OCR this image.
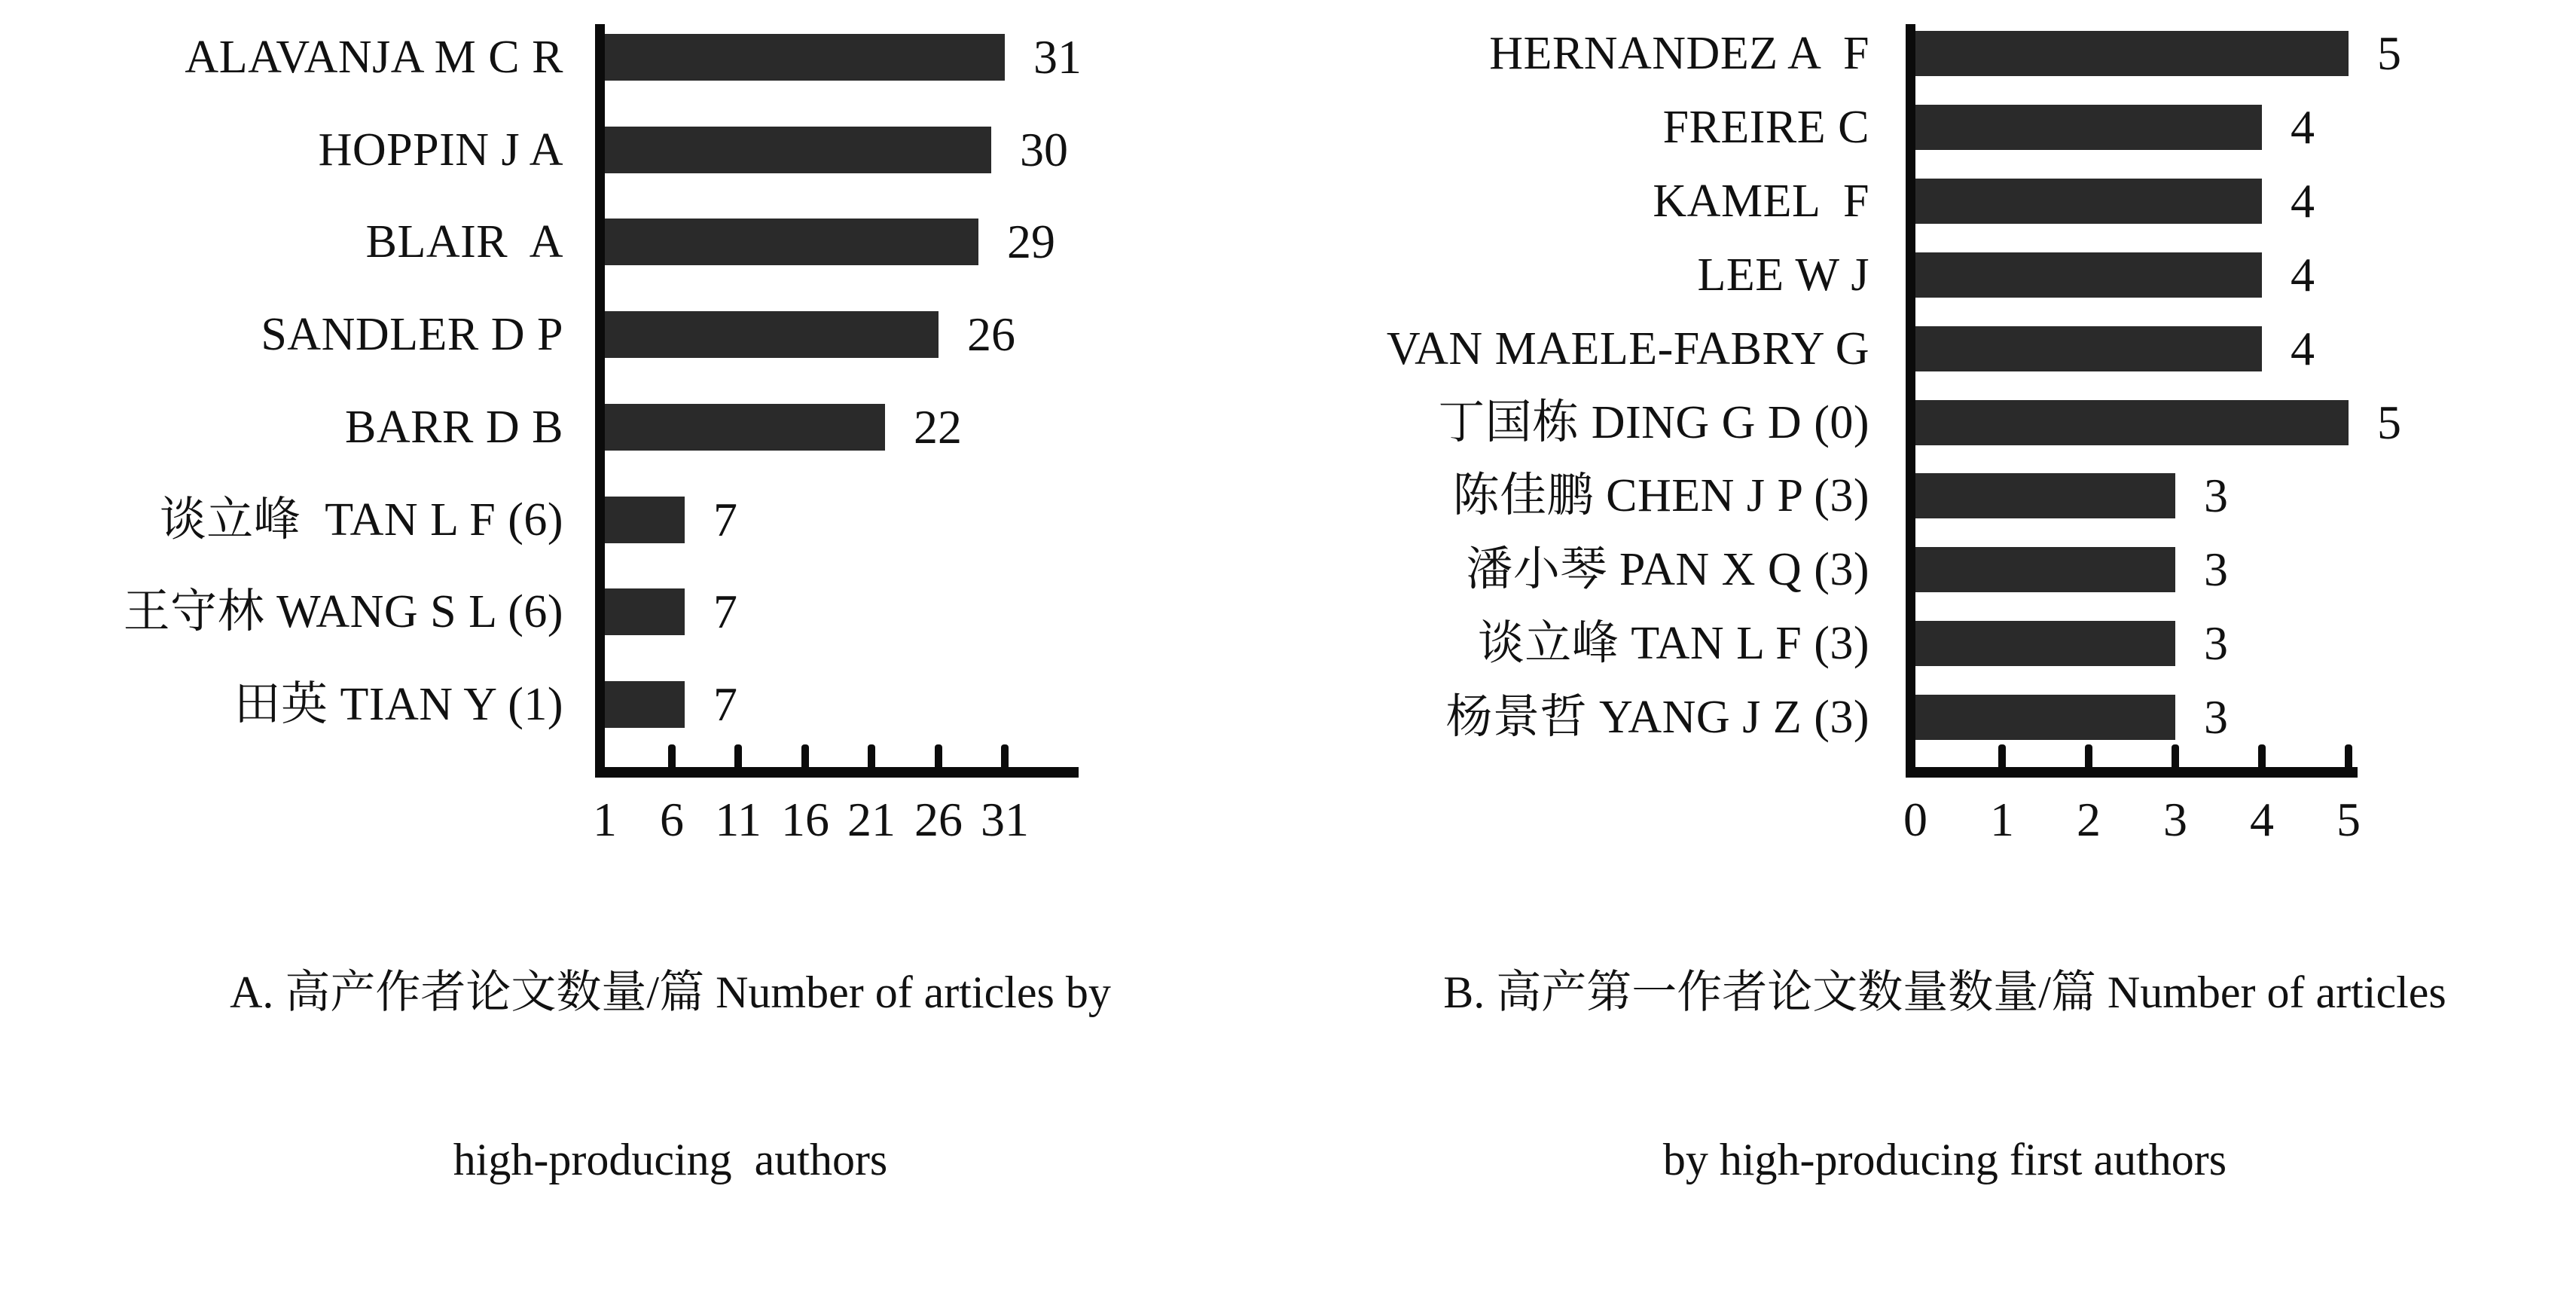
A. 高产作者论文数量/篇 Number of articles by

high-producing  authors

ALAVANJA M C R	31
HOPPIN J A	30
BLAIR  A	29
SANDLER D P	26
BARR D B	22
谈立峰  TAN L F (6)	7
王守林 WANG S L (6)	7
田英 TIAN Y (1)	7
1 6 11 16 21 26 31

B. 高产第一作者论文数量数量/篇 Number of articles

by high-producing first authors

HERNANDEZ A  F	5
FREIRE C	4
KAMEL  F	4
LEE W J	4
VAN MAELE-FABRY G	4
丁国栋 DING G D (0)	5
陈佳鹏 CHEN J P (3)	3
潘小琴 PAN X Q (3)	3
谈立峰 TAN L F (3)	3
杨景哲 YANG J Z (3)	3
0	1	2	3	4	5
